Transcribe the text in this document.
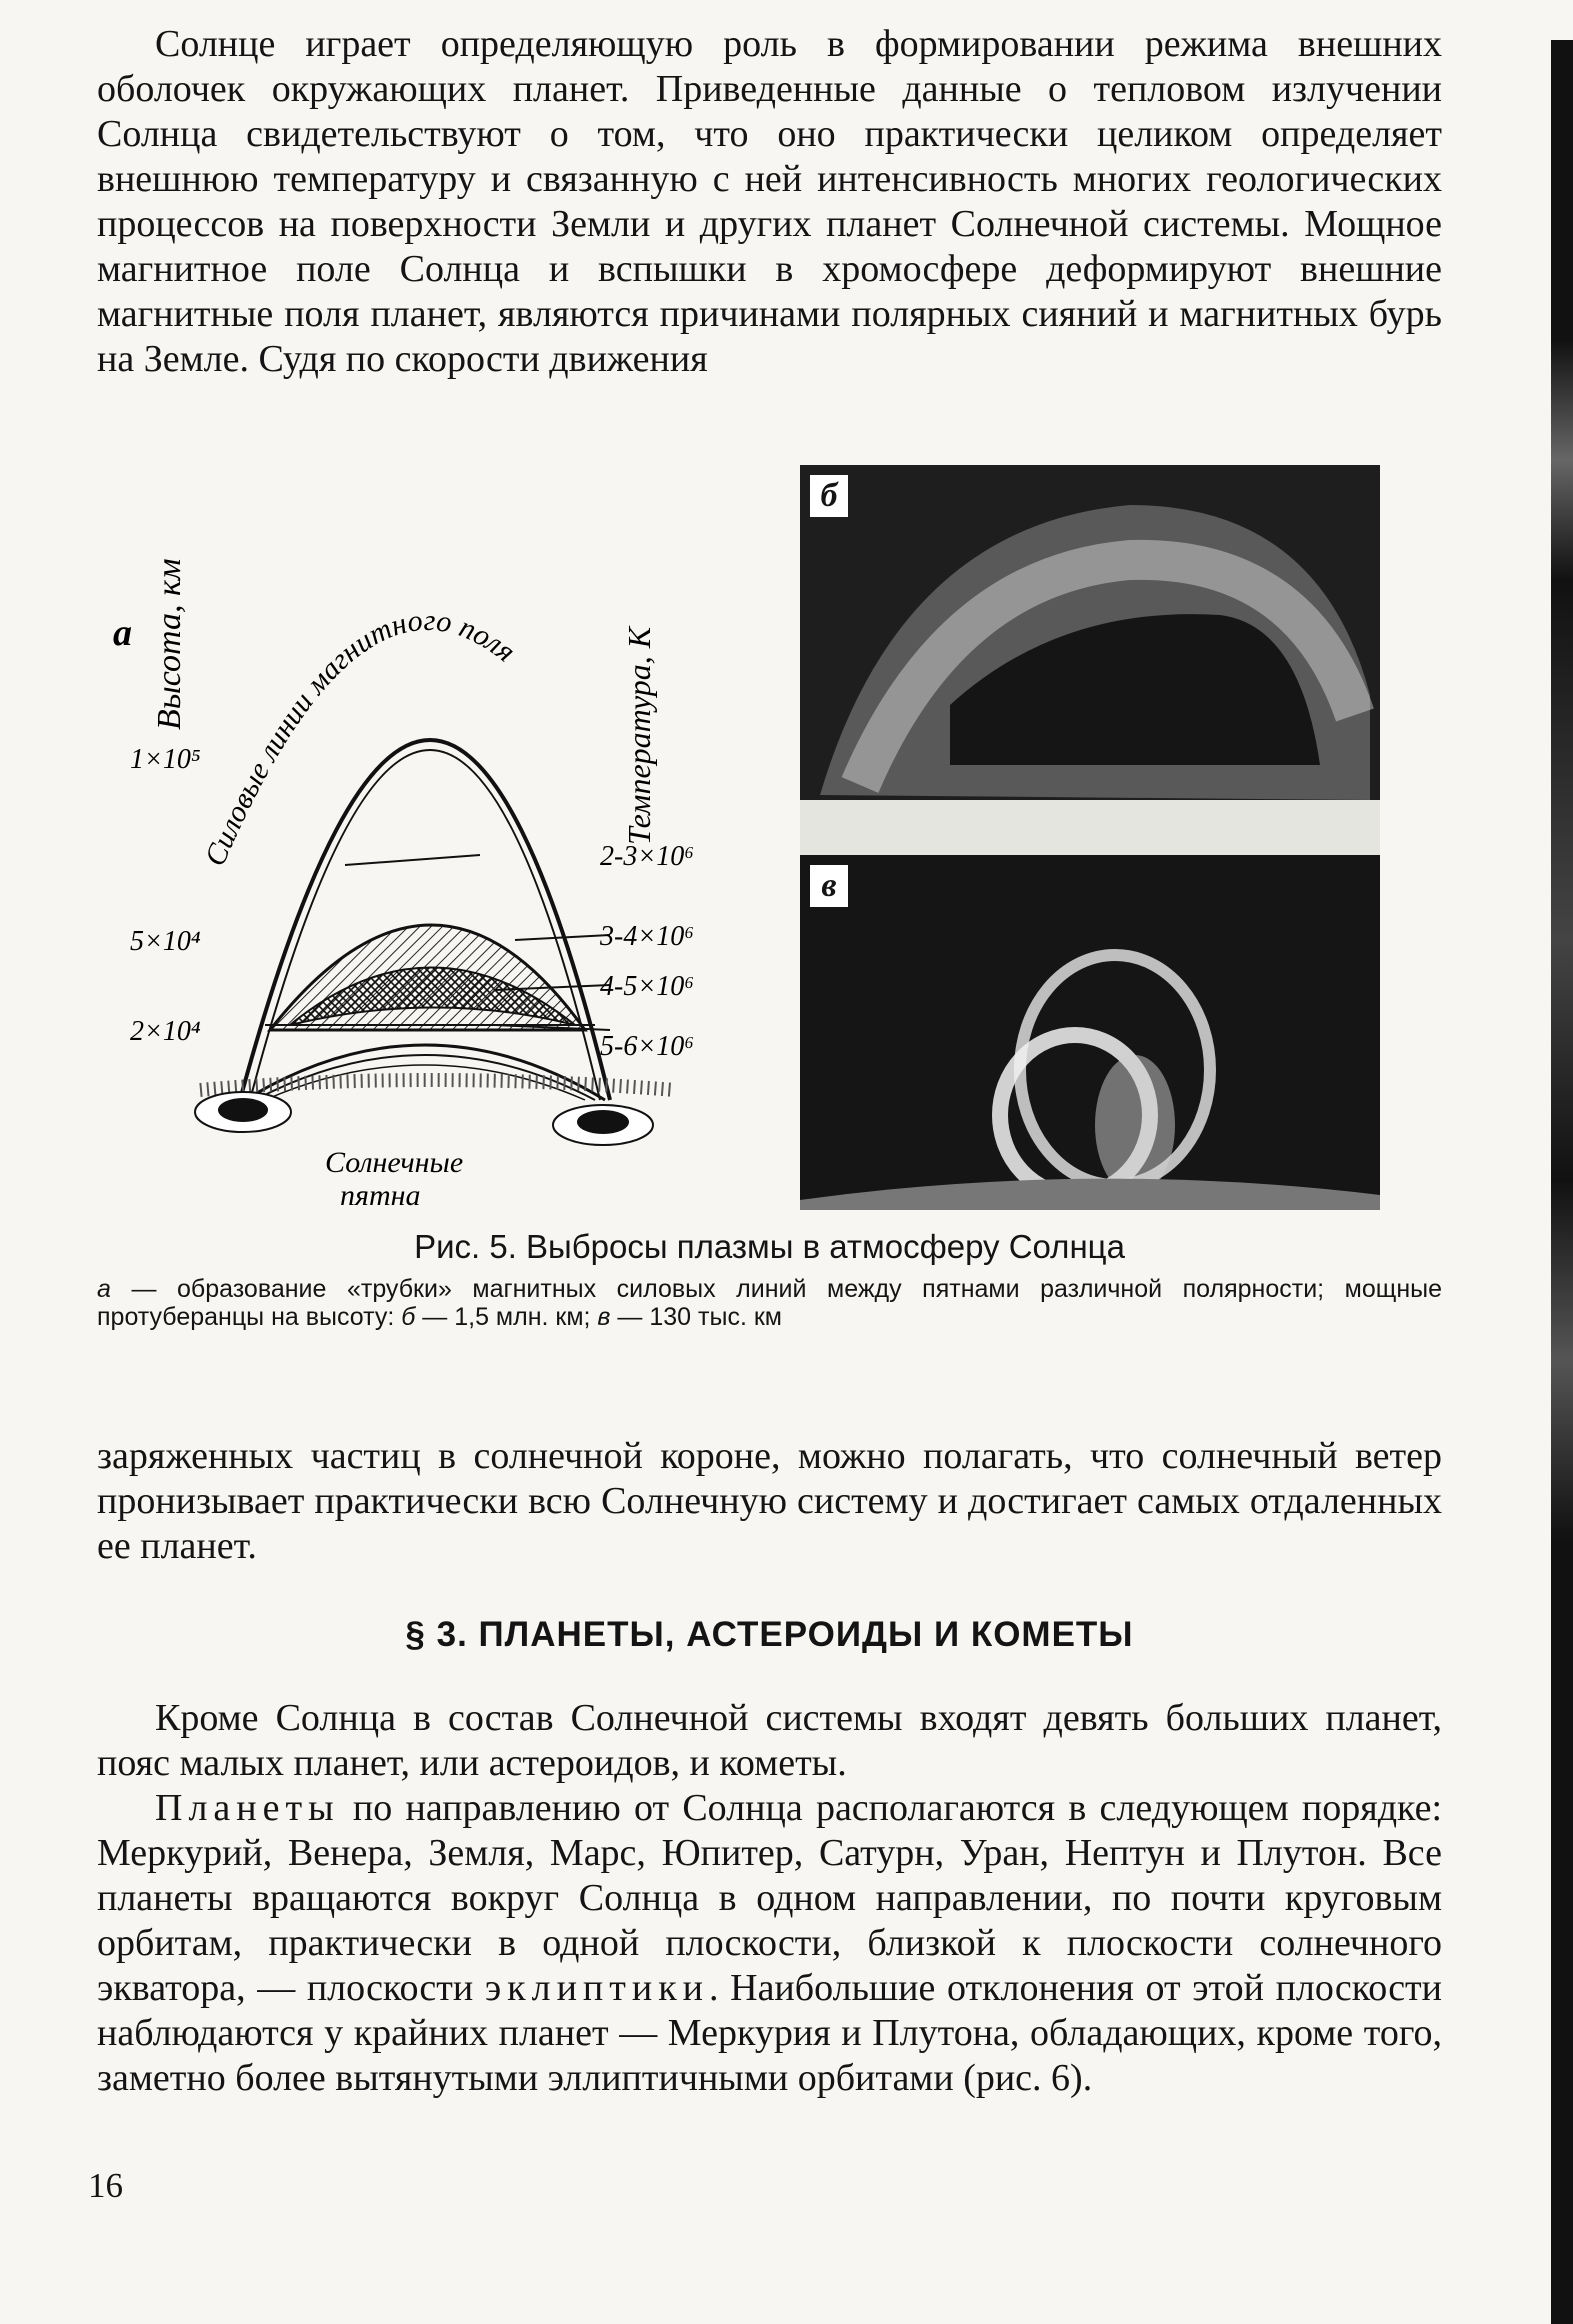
Солнце играет определяющую роль в формировании режима внешних оболочек окружающих планет. Приведенные данные о тепловом излучении Солнца свидетельствуют о том, что оно практически целиком определяет внешнюю температуру и связанную с ней интенсивность многих геологических процессов на поверхности Земли и других планет Солнечной системы. Мощное магнитное поле Солнца и вспышки в хромосфере деформируют внешние магнитные поля планет, являются причинами полярных сияний и магнитных бурь на Земле. Судя по скорости движения

а Высота, км	Температура, К
1×10⁵
5×10⁴
2×10⁴
Силовые линии магнитного поля
2-3×10⁶
3-4×10⁶
4-5×10⁶
5-6×10⁶
Солнечные
пятна
б
в
Рис. 5. Выбросы плазмы в атмосферу Солнца
а — образование «трубки» магнитных силовых линий между пятнами различной полярности; мощные протуберанцы на высоту: б — 1,5 млн. км; в — 130 тыс. км

заряженных частиц в солнечной короне, можно полагать, что солнечный ветер пронизывает практически всю Солнечную систему и достигает самых отдаленных ее планет.

§ 3. ПЛАНЕТЫ, АСТЕРОИДЫ И КОМЕТЫ

Кроме Солнца в состав Солнечной системы входят девять больших планет, пояс малых планет, или астероидов, и кометы.

Планеты по направлению от Солнца располагаются в следующем порядке: Меркурий, Венера, Земля, Марс, Юпитер, Сатурн, Уран, Нептун и Плутон. Все планеты вращаются вокруг Солнца в одном направлении, по почти круговым орбитам, практически в одной плоскости, близкой к плоскости солнечного экватора, — плоскости эклиптики. Наибольшие отклонения от этой плоскости наблюдаются у крайних планет — Меркурия и Плутона, обладающих, кроме того, заметно более вытянутыми эллиптичными орбитами (рис. 6).

16
